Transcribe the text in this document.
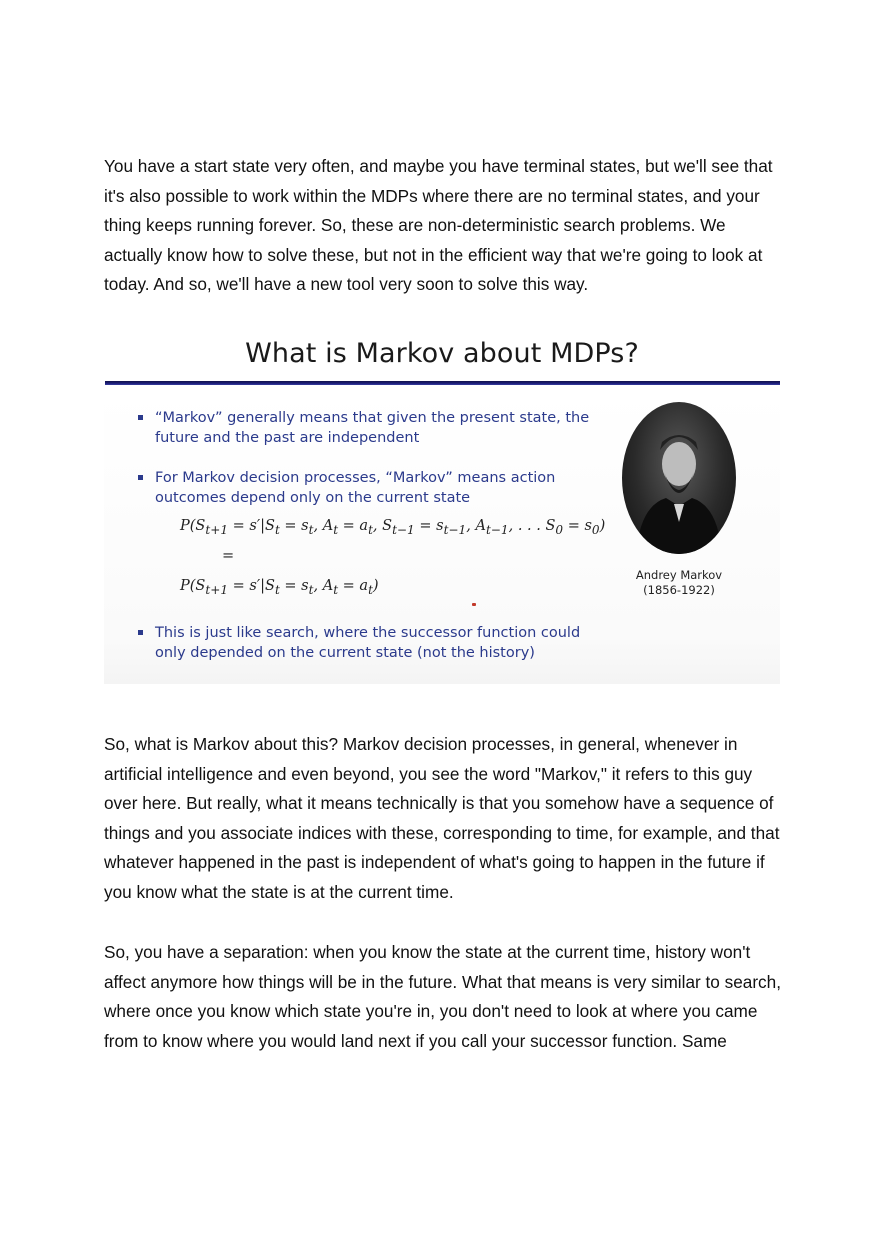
You have a start state very often, and maybe you have terminal states, but we'll see that it's also possible to work within the MDPs where there are no terminal states, and your thing keeps running forever. So, these are non-deterministic search problems. We actually know how to solve these, but not in the efficient way that we're going to look at today. And so, we'll have a new tool very soon to solve this way.

What is Markov about MDPs?
“Markov” generally means that given the present state, the future and the past are independent
For Markov decision processes, “Markov” means action outcomes depend only on the current state
$P(S_{t+1} = s'|S_t = s_t$, $A_t = a_t$, $S_{t-1} = s_{t-1}$, $A_{t-1}$, . . . $S_0 = s_0$)
=
$P(S_{t+1} = s'|S_t = s_t$, $A_t = a_t$)
This is just like search, where the successor function could only depended on the current state (not the history)
Andrey Markov
(1856-1922)

So, what is Markov about this? Markov decision processes, in general, whenever in artificial intelligence and even beyond, you see the word "Markov," it refers to this guy over here. But really, what it means technically is that you somehow have a sequence of things and you associate indices with these, corresponding to time, for example, and that whatever happened in the past is independent of what's going to happen in the future if you know what the state is at the current time.

So, you have a separation: when you know the state at the current time, history won't affect anymore how things will be in the future. What that means is very similar to search, where once you know which state you're in, you don't need to look at where you came from to know where you would land next if you call your successor function. Same
